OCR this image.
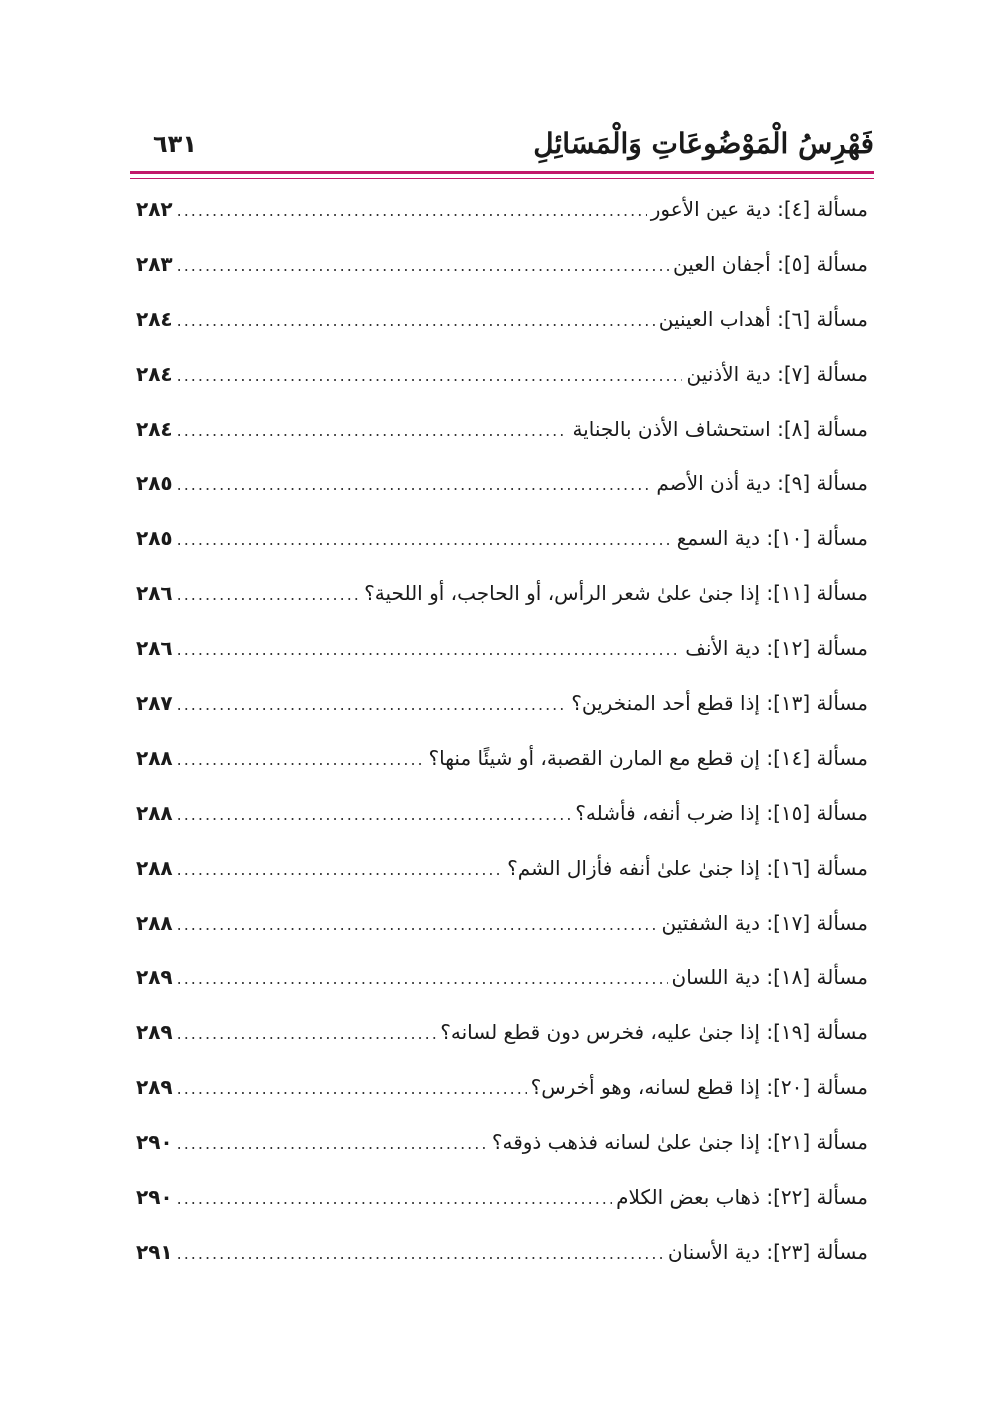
فَهْرِسُ الْمَوْضُوعَاتِ وَالْمَسَائِلِ
٦٣١
مسألة [٤]: دية عين الأعور
.....
٢٨٢
مسألة [٥]: أجفان العين
.....
٢٨٣
مسألة [٦]: أهداب العينين
.....
٢٨٤
مسألة [٧]: دية الأذنين
.....
٢٨٤
مسألة [٨]: استحشاف الأذن بالجناية
.....
٢٨٤
مسألة [٩]: دية أذن الأصم
.....
٢٨٥
مسألة [١٠]: دية السمع
.....
٢٨٥
مسألة [١١]: إذا جنىٰ علىٰ شعر الرأس، أو الحاجب، أو اللحية؟
.....
٢٨٦
مسألة [١٢]: دية الأنف
.....
٢٨٦
مسألة [١٣]: إذا قطع أحد المنخرين؟
.....
٢٨٧
مسألة [١٤]: إن قطع مع المارن القصبة، أو شيئًا منها؟
.....
٢٨٨
مسألة [١٥]: إذا ضرب أنفه، فأشله؟
.....
٢٨٨
مسألة [١٦]: إذا جنىٰ علىٰ أنفه فأزال الشم؟
.....
٢٨٨
مسألة [١٧]: دية الشفتين
.....
٢٨٨
مسألة [١٨]: دية اللسان
.....
٢٨٩
مسألة [١٩]: إذا جنىٰ عليه، فخرس دون قطع لسانه؟
.....
٢٨٩
مسألة [٢٠]: إذا قطع لسانه، وهو أخرس؟
.....
٢٨٩
مسألة [٢١]: إذا جنىٰ علىٰ لسانه فذهب ذوقه؟
.....
٢٩٠
مسألة [٢٢]: ذهاب بعض الكلام
.....
٢٩٠
مسألة [٢٣]: دية الأسنان
.....
٢٩١
